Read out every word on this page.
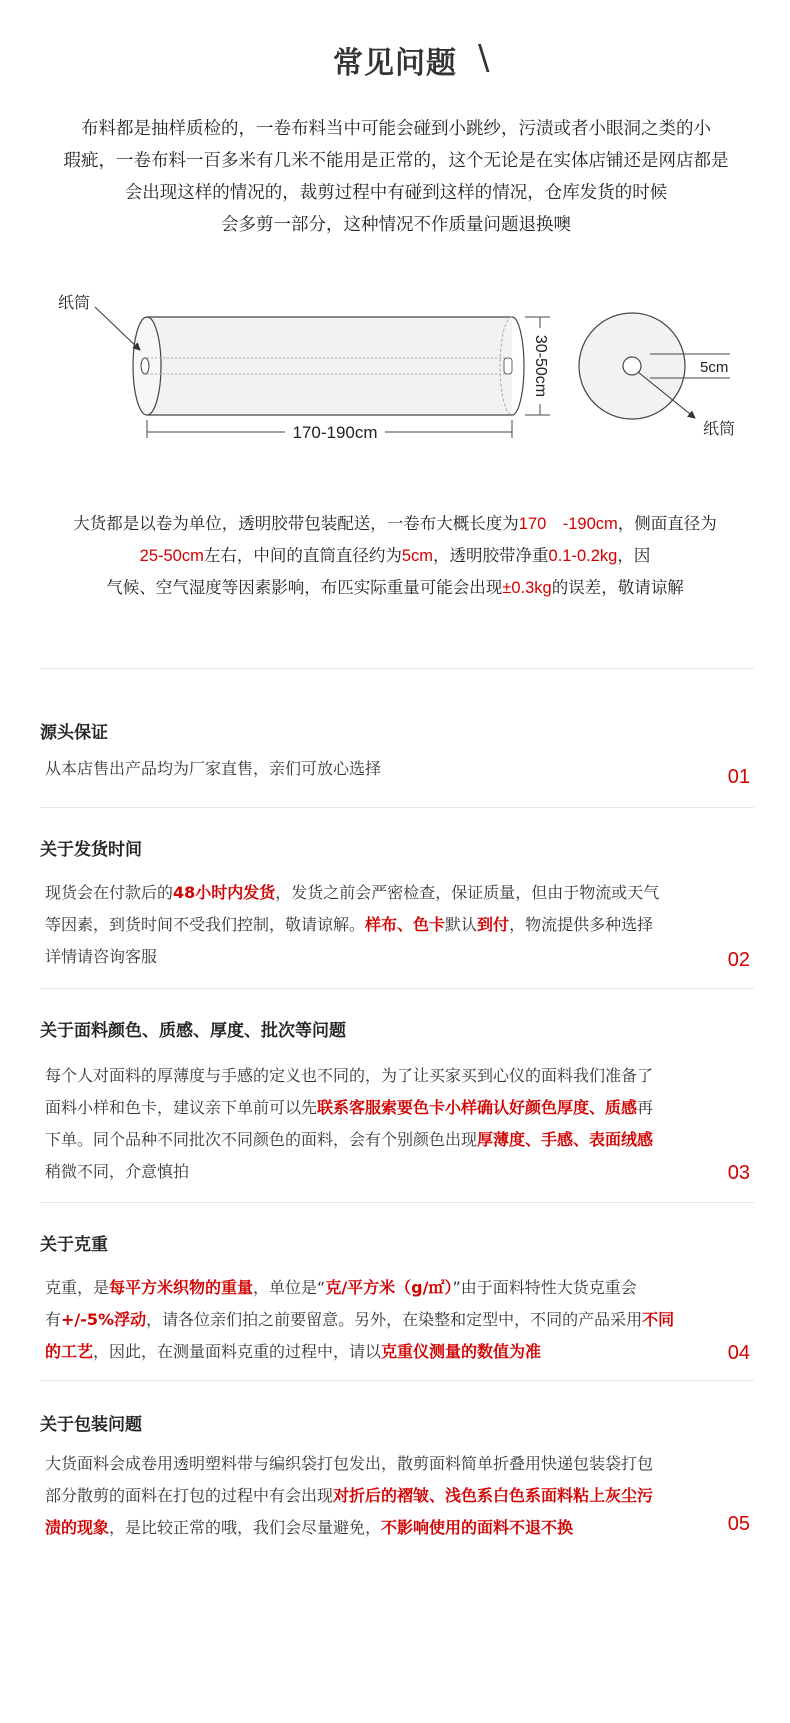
常见问题 \

布料都是抽样质检的，一卷布料当中可能会碰到小跳纱，污渍或者小眼洞之类的小

瑕疵，一卷布料一百多米有几米不能用是正常的，这个无论是在实体店铺还是网店都是

会出现这样的情况的，裁剪过程中有碰到这样的情况，仓库发货的时候

会多剪一部分，这种情况不作质量问题退换噢

纸筒
170-190cm
30-50cm	5cm
纸筒
大货都是以卷为单位，透明胶带包装配送，一卷布大概长度为170　-190cm，侧面直径为
25-50cm左右，中间的直筒直径约为5cm，透明胶带净重0.1-0.2kg，因
气候、空气湿度等因素影响，布匹实际重量可能会出现±0.3kg的误差，敬请谅解
源头保证
从本店售出产品均为厂家直售，亲们可放心选择	01
关于发货时间
现货会在付款后的48小时内发货，发货之前会严密检查，保证质量，但由于物流或天气
等因素，到货时间不受我们控制，敬请谅解。样布、色卡默认到付，物流提供多种选择
详情请咨询客服	02
关于面料颜色、质感、厚度、批次等问题
每个人对面料的厚薄度与手感的定义也不同的，为了让买家买到心仪的面料我们准备了
面料小样和色卡，建议亲下单前可以先联系客服索要色卡小样确认好颜色厚度、质感再
下单。同个品种不同批次不同颜色的面料，会有个别颜色出现厚薄度、手感、表面绒感
稍微不同，介意慎拍	03
关于克重
克重，是每平方米织物的重量，单位是“克/平方米（g/㎡）”由于面料特性大货克重会
有+/-5%浮动，请各位亲们拍之前要留意。另外，在染整和定型中，不同的产品采用不同
的工艺，因此，在测量面料克重的过程中，请以克重仪测量的数值为准	04
关于包装问题
大货面料会成卷用透明塑料带与编织袋打包发出，散剪面料简单折叠用快递包装袋打包
部分散剪的面料在打包的过程中有会出现对折后的褶皱、浅色系白色系面料粘上灰尘污
渍的现象，是比较正常的哦，我们会尽量避免，不影响使用的面料不退不换	05
